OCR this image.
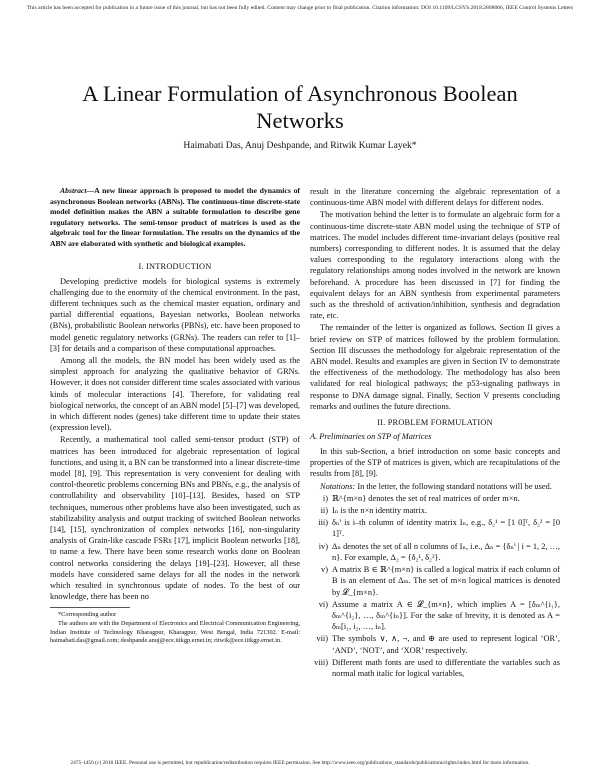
This article has been accepted for publication in a future issue of this journal, but has not been fully edited. Content may change prior to final publication. Citation information: DOI 10.1109/LCSYS.2018.2868066, IEEE Control Systems Letters
A Linear Formulation of Asynchronous Boolean Networks
Haimabati Das, Anuj Deshpande, and Ritwik Kumar Layek*

Abstract—A new linear approach is proposed to model the dynamics of asynchronous Boolean networks (ABNs). The continuous-time discrete-state model definition makes the ABN a suitable formulation to describe gene regulatory networks. The semi-tensor product of matrices is used as the algebraic tool for the linear formulation. The results on the dynamics of the ABN are elaborated with synthetic and biological examples.

I. INTRODUCTION

Developing predictive models for biological systems is extremely challenging due to the enormity of the chemical environment. In the past, different techniques such as the chemical master equation, ordinary and partial differential equations, Bayesian networks, Boolean networks (BNs), probabilistic Boolean networks (PBNs), etc. have been proposed to model genetic regulatory networks (GRNs). The readers can refer to [1]–[3] for details and a comparison of these computational approaches.

Among all the models, the BN model has been widely used as the simplest approach for analyzing the qualitative behavior of GRNs. However, it does not consider different time scales associated with various kinds of molecular interactions [4]. Therefore, for validating real biological networks, the concept of an ABN model [5]–[7] was developed, in which different nodes (genes) take different time to update their states (expression level).

Recently, a mathematical tool called semi-tensor product (STP) of matrices has been introduced for algebraic representation of logical functions, and using it, a BN can be transformed into a linear discrete-time model [8], [9]. This representation is very convenient for dealing with control-theoretic problems concerning BNs and PBNs, e.g., the analysis of controllability and observability [10]–[13]. Besides, based on STP techniques, numerous other problems have also been investigated, such as stabilizability analysis and output tracking of switched Boolean networks [14], [15], synchronization of complex networks [16], non-singularity analysis of Grain-like cascade FSRs [17], implicit Boolean networks [18], to name a few. There have been some research works done on Boolean control networks considering the delays [19]–[23]. However, all these models have considered same delays for all the nodes in the network which resulted in synchronous update of nodes. To the best of our knowledge, there has been no

*Corresponding author

The authors are with the Department of Electronics and Electrical Communication Engineering, Indian Institute of Technology Kharagpur, Kharagpur, West Bengal, India 721302. E-mail: haimabati.das@gmail.com; deshpande.anuj@ece.iitkgp.ernet.in; ritwik@ece.iitkgp.ernet.in.

result in the literature concerning the algebraic representation of a continuous-time ABN model with different delays for different nodes.

The motivation behind the letter is to formulate an algebraic form for a continuous-time discrete-state ABN model using the technique of STP of matrices. The model includes different time-invariant delays (positive real numbers) corresponding to different nodes. It is assumed that the delay values corresponding to the regulatory interactions along with the regulatory relationships among nodes involved in the network are known beforehand. A procedure has been discussed in [7] for finding the equivalent delays for an ABN synthesis from experimental parameters such as the threshold of activation/inhibition, synthesis and degradation rate, etc.

The remainder of the letter is organized as follows. Section II gives a brief review on STP of matrices followed by the problem formulation. Section III discusses the methodology for algebraic representation of the ABN model. Results and examples are given in Section IV to demonstrate the effectiveness of the methodology. The methodology has also been validated for real biological pathways; the p53-signaling pathways in response to DNA damage signal. Finally, Section V presents concluding remarks and outlines the future directions.

II. PROBLEM FORMULATION
A. Preliminaries on STP of Matrices

In this sub-Section, a brief introduction on some basic concepts and properties of the STP of matrices is given, which are recapitulations of the results from [8], [9].

Notations: In the letter, the following standard notations will be used.

i) ℝ^{m×n} denotes the set of real matrices of order m×n.
ii) Iₙ is the n×n identity matrix.
iii) δₙⁱ is i–th column of identity matrix Iₙ, e.g., δ₂¹ = [1 0]ᵀ, δ₂² = [0 1]ᵀ.
iv) Δₙ denotes the set of all n columns of Iₙ, i.e., Δₙ = {δₙⁱ | i = 1, 2, …, n}. For example, Δ₂ = {δ₂¹, δ₂²}.
v) A matrix B ∈ ℝ^{m×n} is called a logical matrix if each column of B is an element of Δₘ. The set of m×n logical matrices is denoted by 𝓛_{m×n}.
vi) Assume a matrix A ∈ 𝓛_{m×n}, which implies A = [δₘ^{i₁}, δₘ^{i₂}, …, δₘ^{iₙ}]. For the sake of brevity, it is denoted as A = δₘ[i₁, i₂, …, iₙ].
vii) The symbols ∨, ∧, ¬, and ⊕ are used to represent logical ‘OR’, ‘AND’, ‘NOT’, and ‘XOR’ respectively.
viii) Different math fonts are used to differentiate the variables such as normal math italic for logical variables,
2475-1456 (c) 2018 IEEE. Personal use is permitted, but republication/redistribution requires IEEE permission. See http://www.ieee.org/publications_standards/publications/rights/index.html for more information.
